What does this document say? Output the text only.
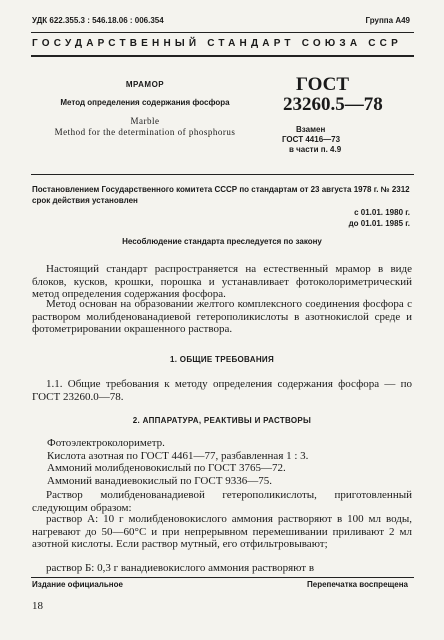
УДК 622.355.3 : 546.18.06 : 006.354	Группа А49
ГОСУДАРСТВЕННЫЙ СТАНДАРТ СОЮЗА ССР
МРАМОР
Метод определения содержания фосфора
Marble
Method for the determination of phosphorus
ГОСТ
23260.5—78
Взамен
ГОСТ 4416—73
в части п. 4.9
Постановлением Государственного комитета СССР по стандартам от 23 августа 1978 г. № 2312 срок действия установлен
с 01.01. 1980 г.
до 01.01. 1985 г.
Несоблюдение стандарта преследуется по закону
Настоящий стандарт распространяется на естественный мрамор в виде блоков, кусков, крошки, порошка и устанавливает фотоколориметрический метод определения содержания фосфора.
Метод основан на образовании желтого комплексного соединения фосфора с раствором молибденованадиевой гетерополикислоты в азотнокислой среде и фотометрировании окрашенного раствора.
1. ОБЩИЕ ТРЕБОВАНИЯ
1.1. Общие требования к методу определения содержания фосфора — по ГОСТ 23260.0—78.
2. АППАРАТУРА, РЕАКТИВЫ И РАСТВОРЫ
Фотоэлектроколориметр.
Кислота азотная по ГОСТ 4461—77, разбавленная 1 : 3.
Аммоний молибденовокислый по ГОСТ 3765—72.
Аммоний ванадиевокислый по ГОСТ 9336—75.
Раствор молибденованадиевой гетерополикислоты, приготовленный следующим образом:
раствор А: 10 г молибденовокислого аммония растворяют в 100 мл воды, нагревают до 50—60°С и при непрерывном перемешивании приливают 2 мл азотной кислоты. Если раствор мутный, его отфильтровывают;
раствор Б: 0,3 г ванадиевокислого аммония растворяют в
Издание официальное	Перепечатка воспрещена
18
